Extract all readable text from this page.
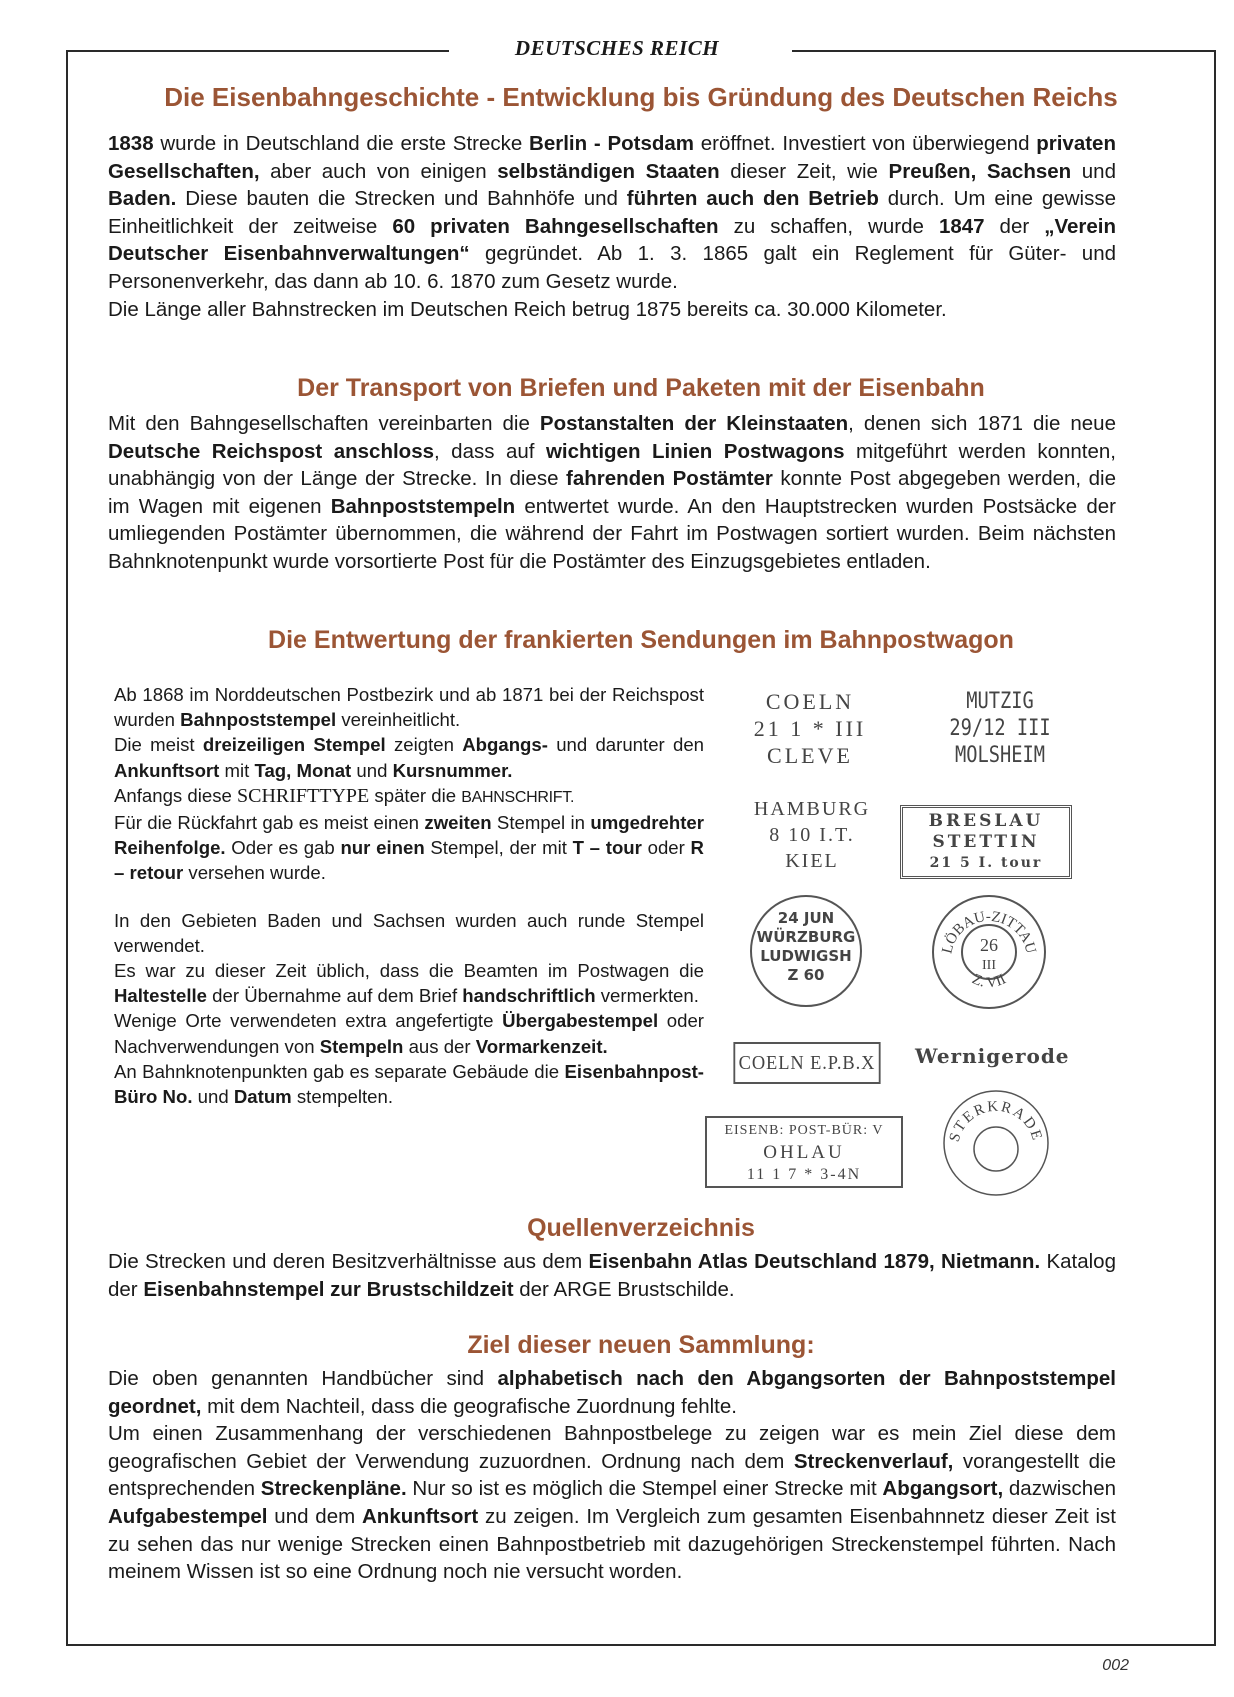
DEUTSCHES REICH
Die Eisenbahngeschichte - Entwicklung bis Gründung des Deutschen Reichs

1838 wurde in Deutschland die erste Strecke Berlin - Potsdam eröffnet. Investiert von überwiegend privaten Gesellschaften, aber auch von einigen selbständigen Staaten dieser Zeit, wie Preußen, Sachsen und Baden. Diese bauten die Strecken und Bahnhöfe und führten auch den Betrieb durch. Um eine gewisse Einheitlichkeit der zeitweise 60 privaten Bahngesellschaften zu schaffen, wurde 1847 der „Verein Deutscher Eisenbahnverwaltungen“ gegründet. Ab 1. 3. 1865 galt ein Reglement für Güter- und Personenverkehr, das dann ab 10. 6. 1870 zum Gesetz wurde.

Die Länge aller Bahnstrecken im Deutschen Reich betrug 1875 bereits ca. 30.000 Kilometer.

Der Transport von Briefen und Paketen mit der Eisenbahn

Mit den Bahngesellschaften vereinbarten die Postanstalten der Kleinstaaten, denen sich 1871 die neue Deutsche Reichspost anschloss, dass auf wichtigen Linien Postwagons mitgeführt werden konnten, unabhängig von der Länge der Strecke. In diese fahrenden Postämter konnte Post abgegeben werden, die im Wagen mit eigenen Bahnpoststempeln entwertet wurde. An den Hauptstrecken wurden Postsäcke der umliegenden Postämter übernommen, die während der Fahrt im Postwagen sortiert wurden. Beim nächsten Bahnknotenpunkt wurde vorsortierte Post für die Postämter des Einzugsgebietes entladen.

Die Entwertung der frankierten Sendungen im Bahnpostwagon

Ab 1868 im Norddeutschen Postbezirk und ab 1871 bei der Reichspost wurden Bahnpoststempel vereinheitlicht.

Die meist dreizeiligen Stempel zeigten Abgangs- und darunter den Ankunftsort mit Tag, Monat und Kursnummer.

Anfangs diese SCHRIFTTYPE später die BAHNSCHRIFT.

Für die Rückfahrt gab es meist einen zweiten Stempel in umgedrehter Reihenfolge. Oder es gab nur einen Stempel, der mit T – tour oder R – retour versehen wurde.

In den Gebieten Baden und Sachsen wurden auch runde Stempel verwendet.

Es war zu dieser Zeit üblich, dass die Beamten im Postwagen die Haltestelle der Übernahme auf dem Brief handschriftlich vermerkten.

Wenige Orte verwendeten extra angefertigte Übergabestempel oder Nachverwendungen von Stempeln aus der Vormarkenzeit.

An Bahnknotenpunkten gab es separate Gebäude die Eisenbahnpost-Büro No. und Datum stempelten.

COELN
21 1 * III
CLEVE
MUTZIG
29/12 III
MOLSHEIM
HAMBURG
8 10 I.T.
KIEL
BRESLAU
STETTIN
21 5 I. tour
24 JUN
WÜRZBURG
LUDWIGSH
Z 60
LÖBAU-ZITTAU
Z. VII
26
III
COELN E.P.B.X Wernigerode
EISENB: POST-BÜR: V
OHLAU
11 1 7 * 3-4N
STERKRADE
Quellenverzeichnis

Die Strecken und deren Besitzverhältnisse aus dem Eisenbahn Atlas Deutschland 1879, Nietmann. Katalog der Eisenbahnstempel zur Brustschildzeit der ARGE Brustschilde.

Ziel dieser neuen Sammlung:

Die oben genannten Handbücher sind alphabetisch nach den Abgangsorten der Bahnpoststempel geordnet, mit dem Nachteil, dass die geografische Zuordnung fehlte.

Um einen Zusammenhang der verschiedenen Bahnpostbelege zu zeigen war es mein Ziel diese dem geografischen Gebiet der Verwendung zuzuordnen. Ordnung nach dem Streckenverlauf, vorangestellt die entsprechenden Streckenpläne. Nur so ist es möglich die Stempel einer Strecke mit Abgangsort, dazwischen Aufgabestempel und dem Ankunftsort zu zeigen. Im Vergleich zum gesamten Eisenbahnnetz dieser Zeit ist zu sehen das nur wenige Strecken einen Bahnpostbetrieb mit dazugehörigen Streckenstempel führten. Nach meinem Wissen ist so eine Ordnung noch nie versucht worden.

002
